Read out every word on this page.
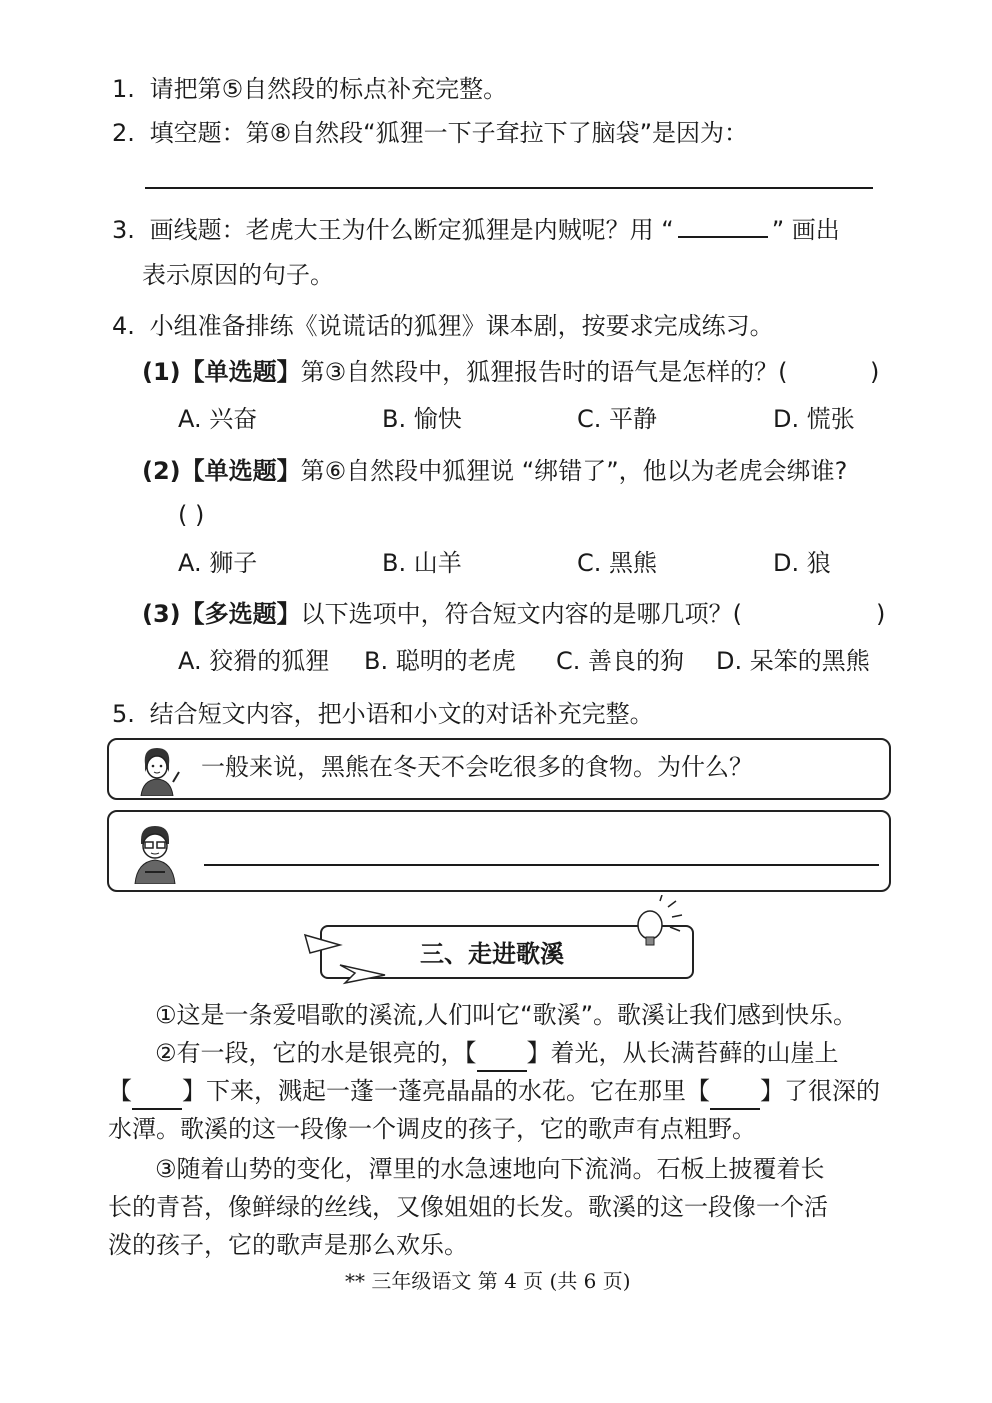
1. 请把第⑤自然段的标点补充完整。
2. 填空题：第⑧自然段“狐狸一下子耷拉下了脑袋”是因为：
3. 画线题：老虎大王为什么断定狐狸是内贼呢？用 “	” 画出
表示原因的句子。
4. 小组准备排练《说谎话的狐狸》课本剧，按要求完成练习。
(1)【单选题】第③自然段中，狐狸报告时的语气是怎样的？(	)
A. 兴奋	B. 愉快	C. 平静	D. 慌张
(2)【单选题】第⑥自然段中狐狸说 “绑错了”，他以为老虎会绑谁?
( )
A. 狮子	B. 山羊	C. 黑熊	D. 狼
(3)【多选题】以下选项中，符合短文内容的是哪几项？(	)
A. 狡猾的狐狸 B. 聪明的老虎 C. 善良的狗 D. 呆笨的黑熊
5. 结合短文内容，把小语和小文的对话补充完整。
一般来说，黑熊在冬天不会吃很多的食物。为什么？
三、走进歌溪
①这是一条爱唱歌的溪流,人们叫它“歌溪”。歌溪让我们感到快乐。
②有一段，它的水是银亮的，【 】着光，从长满苔藓的山崖上
【 】下来，溅起一蓬一蓬亮晶晶的水花。它在那里【 】了很深的
水潭。歌溪的这一段像一个调皮的孩子，它的歌声有点粗野。
③随着山势的变化，潭里的水急速地向下流淌。石板上披覆着长
长的青苔，像鲜绿的丝线，又像姐姐的长发。歌溪的这一段像一个活
泼的孩子，它的歌声是那么欢乐。
** 三年级语文 第 4 页 (共 6 页)
